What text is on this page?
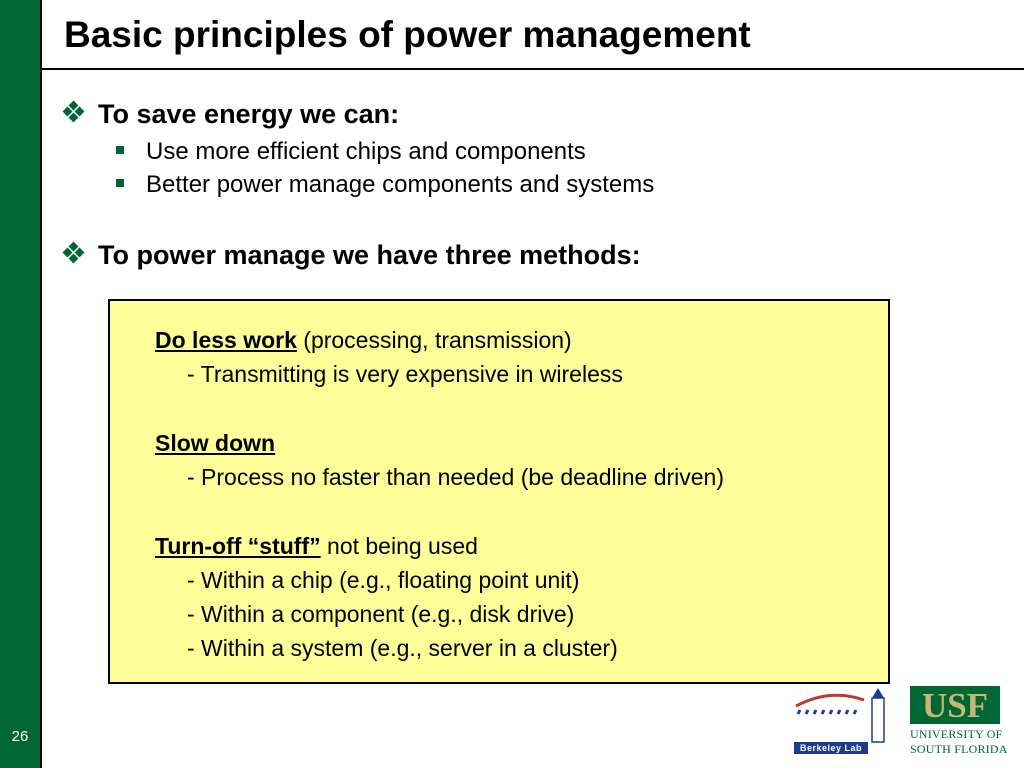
26
Basic principles of power management
To save energy we can:
Use more efficient chips and components
Better power manage components and systems
To power manage we have three methods:
Do less work (processing, transmission)
- Transmitting is very expensive in wireless
Slow down
- Process no faster than needed (be deadline driven)
Turn-off “stuff” not being used
- Within a chip (e.g., floating point unit)
- Within a component (e.g., disk drive)
- Within a system (e.g., server in a cluster)
Berkeley Lab
USF
UNIVERSITY OF
SOUTH FLORIDA
